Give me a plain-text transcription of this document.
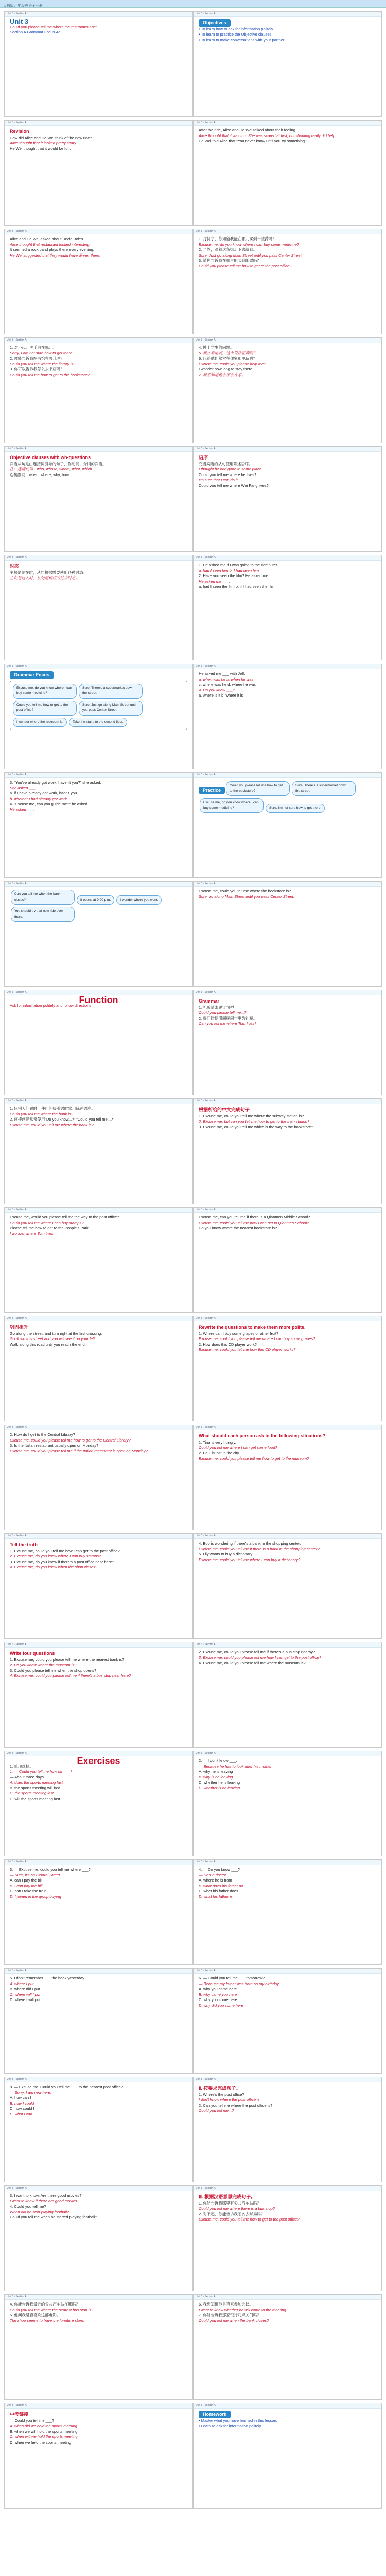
人教版九年级英语全一册
Unit 3 · Section A
Unit 3
Could you please tell me where the restrooms are?
Section A Grammar Focus-4c
Unit 3 · Section A
Objectives
• To learn how to ask for information politely.
• To learn to practice the Objective clauses.
• To learn to make conversations with your partner.
Unit 3 · Section A
Revision
How did Alice and He Wei think of the new ride?
Alice thought that it looked pretty scary.
He Wei thought that it would be fun.
Unit 3 · Section A
After the ride, Alice and He Wei talked about their feeling.
Alice thought that it was fun. She was scared at first, but shouting really did help.
He Wei told Alice that "You never know until you try something."
Unit 3 · Section A
Alice and He Wei asked about Uncle Bob's.
Alice thought that restaurant looked interesting.
It seemed a rock band plays there every evening.
He Wei suggested that they would have dinner there.
Unit 3 · Section A
1. 打扰了，你知道我能在哪儿买到一些药吗？
Excuse me, do you know where I can buy some medicine?
2. 当然，沿着这条街走下去就到。
Sure. Just go along Main Street until you pass Center Street.
3. 请你告诉我在哪里能买到邮票吗？
Could you please tell me how to get to the post office?
Unit 3 · Section A
1. 对不起，洗手间在哪儿。
Sorry, I am not sure how to get there.
2. 你能告诉我图书馆在哪儿吗？
Could you tell me where the library is?
3. 你可以告诉我怎么去书店吗？
Could you tell me how to get to the bookstore?
Unit 3 · Section A
4. 博士学生的问题。
5. 我在看电视，这个说法正确吗？
6. 以前他们常常在你家那里玩吗？
Excuse me, could you please help me?
I wonder how long to stay there.
7. 我不知道他会不会在家。
Unit 3 · Section A
Objective clauses with wh-questions
宾语从句是由连接词引导的句子，作动词、介词的宾语。
注：连接代词：who, whose, whom, what, which
连接副词：when, where, why, how
Unit 3 · Section A
语序
充当宾语的从句使用陈述语序。
I thought he had gone to some place.
Could you tell me where he lives?
I'm sure that I can do it.
Could you tell me where Wei Fang lives?
Unit 3 · Section A
时态
主句是现在时，从句根据需要使用各种时态。
主句是过去时，从句用相应的过去时态。
Unit 3 · Section A
1. He asked me if I was going to the computer.
a. had I seen him b. I had seen him
2. Have you seen the film? He asked me.
He asked me ___.
a. had I seen the film b. if I had seen the film
Unit 3 · Section A
Grammar Focus
Excuse me, do you know where I can buy some medicine?Sure. There's a supermarket down the street.Could you tell me how to get to the post office?Sure. Just go along Main Street until you pass Center Street.I wonder where the restroom is.	Take the stairs to the second floor.
Unit 3 · Section A
He asked me ___ with Jeff.
a. when was he b. when he was
c. where was he d. where he was
4. Do you know ___?
a. where is it b. where it is
Unit 3 · Section A
3. "You've already got work, haven't you?" she asked.
She asked ___.
a. if I have already got work, hadn't you
b. whether I had already got work
4. "Excuse me, can you guide me?" he asked.
He asked ___.
Unit 3 · Section A
PracticeCould you please tell me how to get to the bookstore?Sure. There's a supermarket down the street.Excuse me, do you know where I can buy some medicine?	Sure, I'm not sure how to get there.
Unit 3 · Section A
Can you tell me when the bank closes?	It opens at 9:00 p.m.	I wonder where you went.You should try that new ride over there.
Unit 3 · Section A
Excuse me, could you tell me where the bookstore is?
Sure, go along Main Street until you pass Center Street.
Unit 3 · Section A
Function
Ask for information politely and follow directions
Unit 3 · Section A
Grammar
1. 礼貌请求建议句型
Could you please tell me...?
2. 提问时使用间接问句更为礼貌。
Can you tell me where Tom lives?
Unit 3 · Section A
1. 问别人问题时，使用间接引语时常用陈述语序。
Could you tell me where the bank is?
2. 间接问题常常使用"Do you know...?" "Could you tell me...?"
Excuse me, could you tell me where the bank is?
Unit 3 · Section A
根据所给的中文完成句子
1. Excuse me, could you tell me where the subway station is?
2. Excuse me, but can you tell me how to get to the train station?
3. Excuse me, could you tell me which is the way to the bookstore?
Unit 3 · Section A
Excuse me, would you please tell me the way to the post office?
Could you tell me where I can buy stamps?
Please tell me how to get to the People's Park.
I wonder where Tom lives.
Unit 3 · Section A
Excuse me, can you tell me if there is a Qianmen Middle School?
Excuse me, could you tell me how I can get to Qianmen School?
Do you know where the nearest bookstore is?
Unit 3 · Section A
巩固提升
Go along the street, and turn right at the first crossing.
Go down this street and you will see it on your left.
Walk along this road until you reach the end.
Unit 3 · Section A
Rewrite the questions to make them more polite.
1. Where can I buy some grapes or other fruit?
Excuse me, could you please tell me where I can buy some grapes?
2. How does this CD player work?
Excuse me, could you tell me how this CD player works?
Unit 3 · Section A
2. How do I get to the Central Library?
Excuse me, could you please tell me how to get to the Central Library?
3. Is the Italian restaurant usually open on Monday?
Excuse me, could you please tell me if the Italian restaurant is open on Monday?
Unit 3 · Section A
What should each person ask in the following situations?
1. Tina is very hungry.
Could you tell me where I can get some food?
2. Paul is lost in the city.
Excuse me, could you please tell me how to get to the museum?
Unit 3 · Section A
Tell the truth
1. Excuse me, could you tell me how I can get to the post office?
2. Excuse me, do you know where I can buy stamps?
3. Excuse me, do you know if there's a post office near here?
4. Excuse me, do you know when the shop closes?
Unit 3 · Section A
4. Bob is wondering if there's a bank in the shopping center.
Excuse me, could you tell me if there is a bank in the shopping center?
5. Lily wants to buy a dictionary.
Excuse me, could you tell me where I can buy a dictionary?
Unit 3 · Section A
Write four questions
1. Excuse me, could you please tell me where the nearest bank is?
2. Do you know where the museum is?
3. Could you please tell me when the shop opens?
4. Excuse me, could you please tell me if there's a bus stop near here?
Unit 3 · Section A
2. Excuse me, could you please tell me if there's a bus stop nearby?
3. Excuse me, could you please tell me how I can get to the post office?
4. Excuse me, could you please tell me where the museum is?
Unit 3 · Section A
Exercises
1. 单项选择。
1. — Could you tell me how far ___?
— About three days.
A. does the sports meeting last
B. the sports meeting will last
C. the sports meeting last
D. will the sports meeting last
Unit 3 · Section A
2. — I don't know ___.
— Because he has to look after his mother.
A. why he is leaving
B. why is he leaving
C. whether he is leaving
D. whether is he leaving
Unit 3 · Section A
3. — Excuse me, could you tell me where ___?
— Sure, it's on Central Street.
A. can I pay the bill
B. I can pay the bill
C. can I take the train
D. I joined in the group buying
Unit 3 · Section A
4. — Do you know ___?
— He's a doctor.
A. where he is from
B. what does his father do
C. what his father does
D. what his father is
Unit 3 · Section A
5. I don't remember ___ the book yesterday.
A. where I put
B. where did I put
C. where will I put
D. where I will put
Unit 3 · Section A
6. — Could you tell me ___ tomorrow?
— Because my father was born on my birthday.
A. why you came here
B. why came you here
C. why you come here
D. why did you come here
Unit 3 · Section A
8. — Excuse me. Could you tell me ___ to the nearest post office?
— Sorry, I am new here.
A. how can I
B. how I could
C. how could I
D. what I can
Unit 3 · Section A
Ⅱ. 按要求完成句子。
1. Where's the post office?
I don't know where the post office is.
2. Can you tell me where the post office is?
Could you tell me...?
Unit 3 · Section A
3. I want to know. Are there good movies?
I want to know if there are good movies.
4. Could you tell me?
When did he start playing football?
Could you tell me when he started playing football?
Unit 3 · Section A
Ⅲ. 根据汉语意思完成句子。
1. 你能告诉我哪里有公共汽车站吗？
Could you tell me where there is a bus stop?
2. 对不起，你能告诉我怎么去邮局吗？
Excuse me, could you tell me how to get to the post office?
Unit 3 · Section A
4. 你能告诉我最近的公共汽车站在哪吗？
Could you tell me where the nearest bus stop is?
5. 他问我是否喜欢这部电影。
The shop seems to have the furniture store.
Unit 3 · Section A
6. 我想知道他是否来参加会议。
I want to know whether he will come to the meeting.
7. 你能告诉我那家银行几点关门吗？
Could you tell me when the bank closes?
Unit 3 · Section A
中考链接
— Could you tell me ___?
A. when did we hold the sports meeting
B. when we will hold the sports meeting
C. when will we hold the sports meeting
D. when we held the sports meeting
Unit 3 · Section A
Homework
• Master what you have learned in this lesson.
• Learn to ask for information politely.
